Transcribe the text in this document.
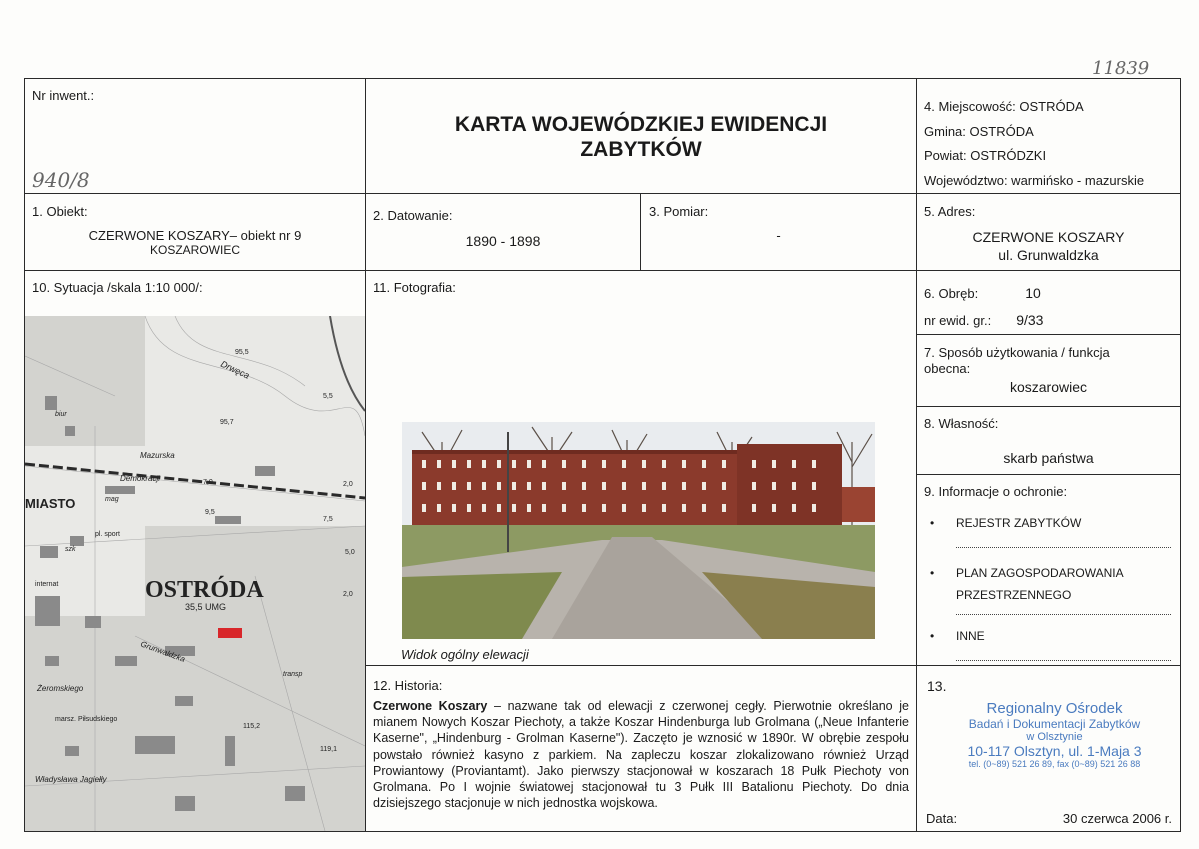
11839
Nr inwent.:
940/8
KARTA WOJEWÓDZKIEJ EWIDENCJI
ZABYTKÓW
4. Miejscowość: OSTRÓDA
Gmina: OSTRÓDA
Powiat: OSTRÓDZKI
Województwo: warmińsko - mazurskie
1. Obiekt:
CZERWONE KOSZARY– obiekt nr 9
KOSZAROWIEC
2. Datowanie:
1890 - 1898
3. Pomiar:
-
5. Adres:
CZERWONE KOSZARY
ul. Grunwaldzka
10. Sytuacja /skala 1:10 000/:
MIASTO
OSTRÓDA
35,5 UMG
Mazurska
Demokracji
Grunwaldzka
Żeromskiego
Władysława Jagiełły
Drwęca
marsz. Piłsudskiego
internat
pl. sport
95,5
95,7
5,5
7,0	2,0
9,5
7,5
5,0
2,0
115,2
119,1
mag
szk
biur
transp
11. Fotografia:
Widok ogólny elewacji
6. Obręb:	10
nr ewid. gr.: 9/33
7. Sposób użytkowania / funkcja
obecna:
koszarowiec
8. Własność:
skarb państwa
9. Informacje o ochronie:
• REJESTR ZABYTKÓW
• PLAN ZAGOSPODAROWANIA
PRZESTRZENNEGO
• INNE
12. Historia:
Czerwone Koszary – nazwane tak od elewacji z czerwonej cegły. Pierwotnie określano je mianem Nowych Koszar Piechoty, a także Koszar Hindenburga lub Grolmana („Neue Infanterie Kaserne", „Hindenburg - Grolman Kaserne"). Zaczęto je wznosić w 1890r. W obrębie zespołu powstało również kasyno z parkiem. Na zapleczu koszar zlokalizowano również Urząd Prowiantowy (Proviantamt). Jako pierwszy stacjonował w koszarach 18 Pułk Piechoty von Grolmana. Po I wojnie światowej stacjonował tu 3 Pułk III Batalionu Piechoty. Do dnia dzisiejszego stacjonuje w nich jednostka wojskowa.
13.
Regionalny Ośrodek
Badań i Dokumentacji Zabytków
w Olsztynie
10-117 Olsztyn, ul. 1-Maja 3
tel. (0~89) 521 26 89, fax (0~89) 521 26 88
Data:	30 czerwca 2006 r.
